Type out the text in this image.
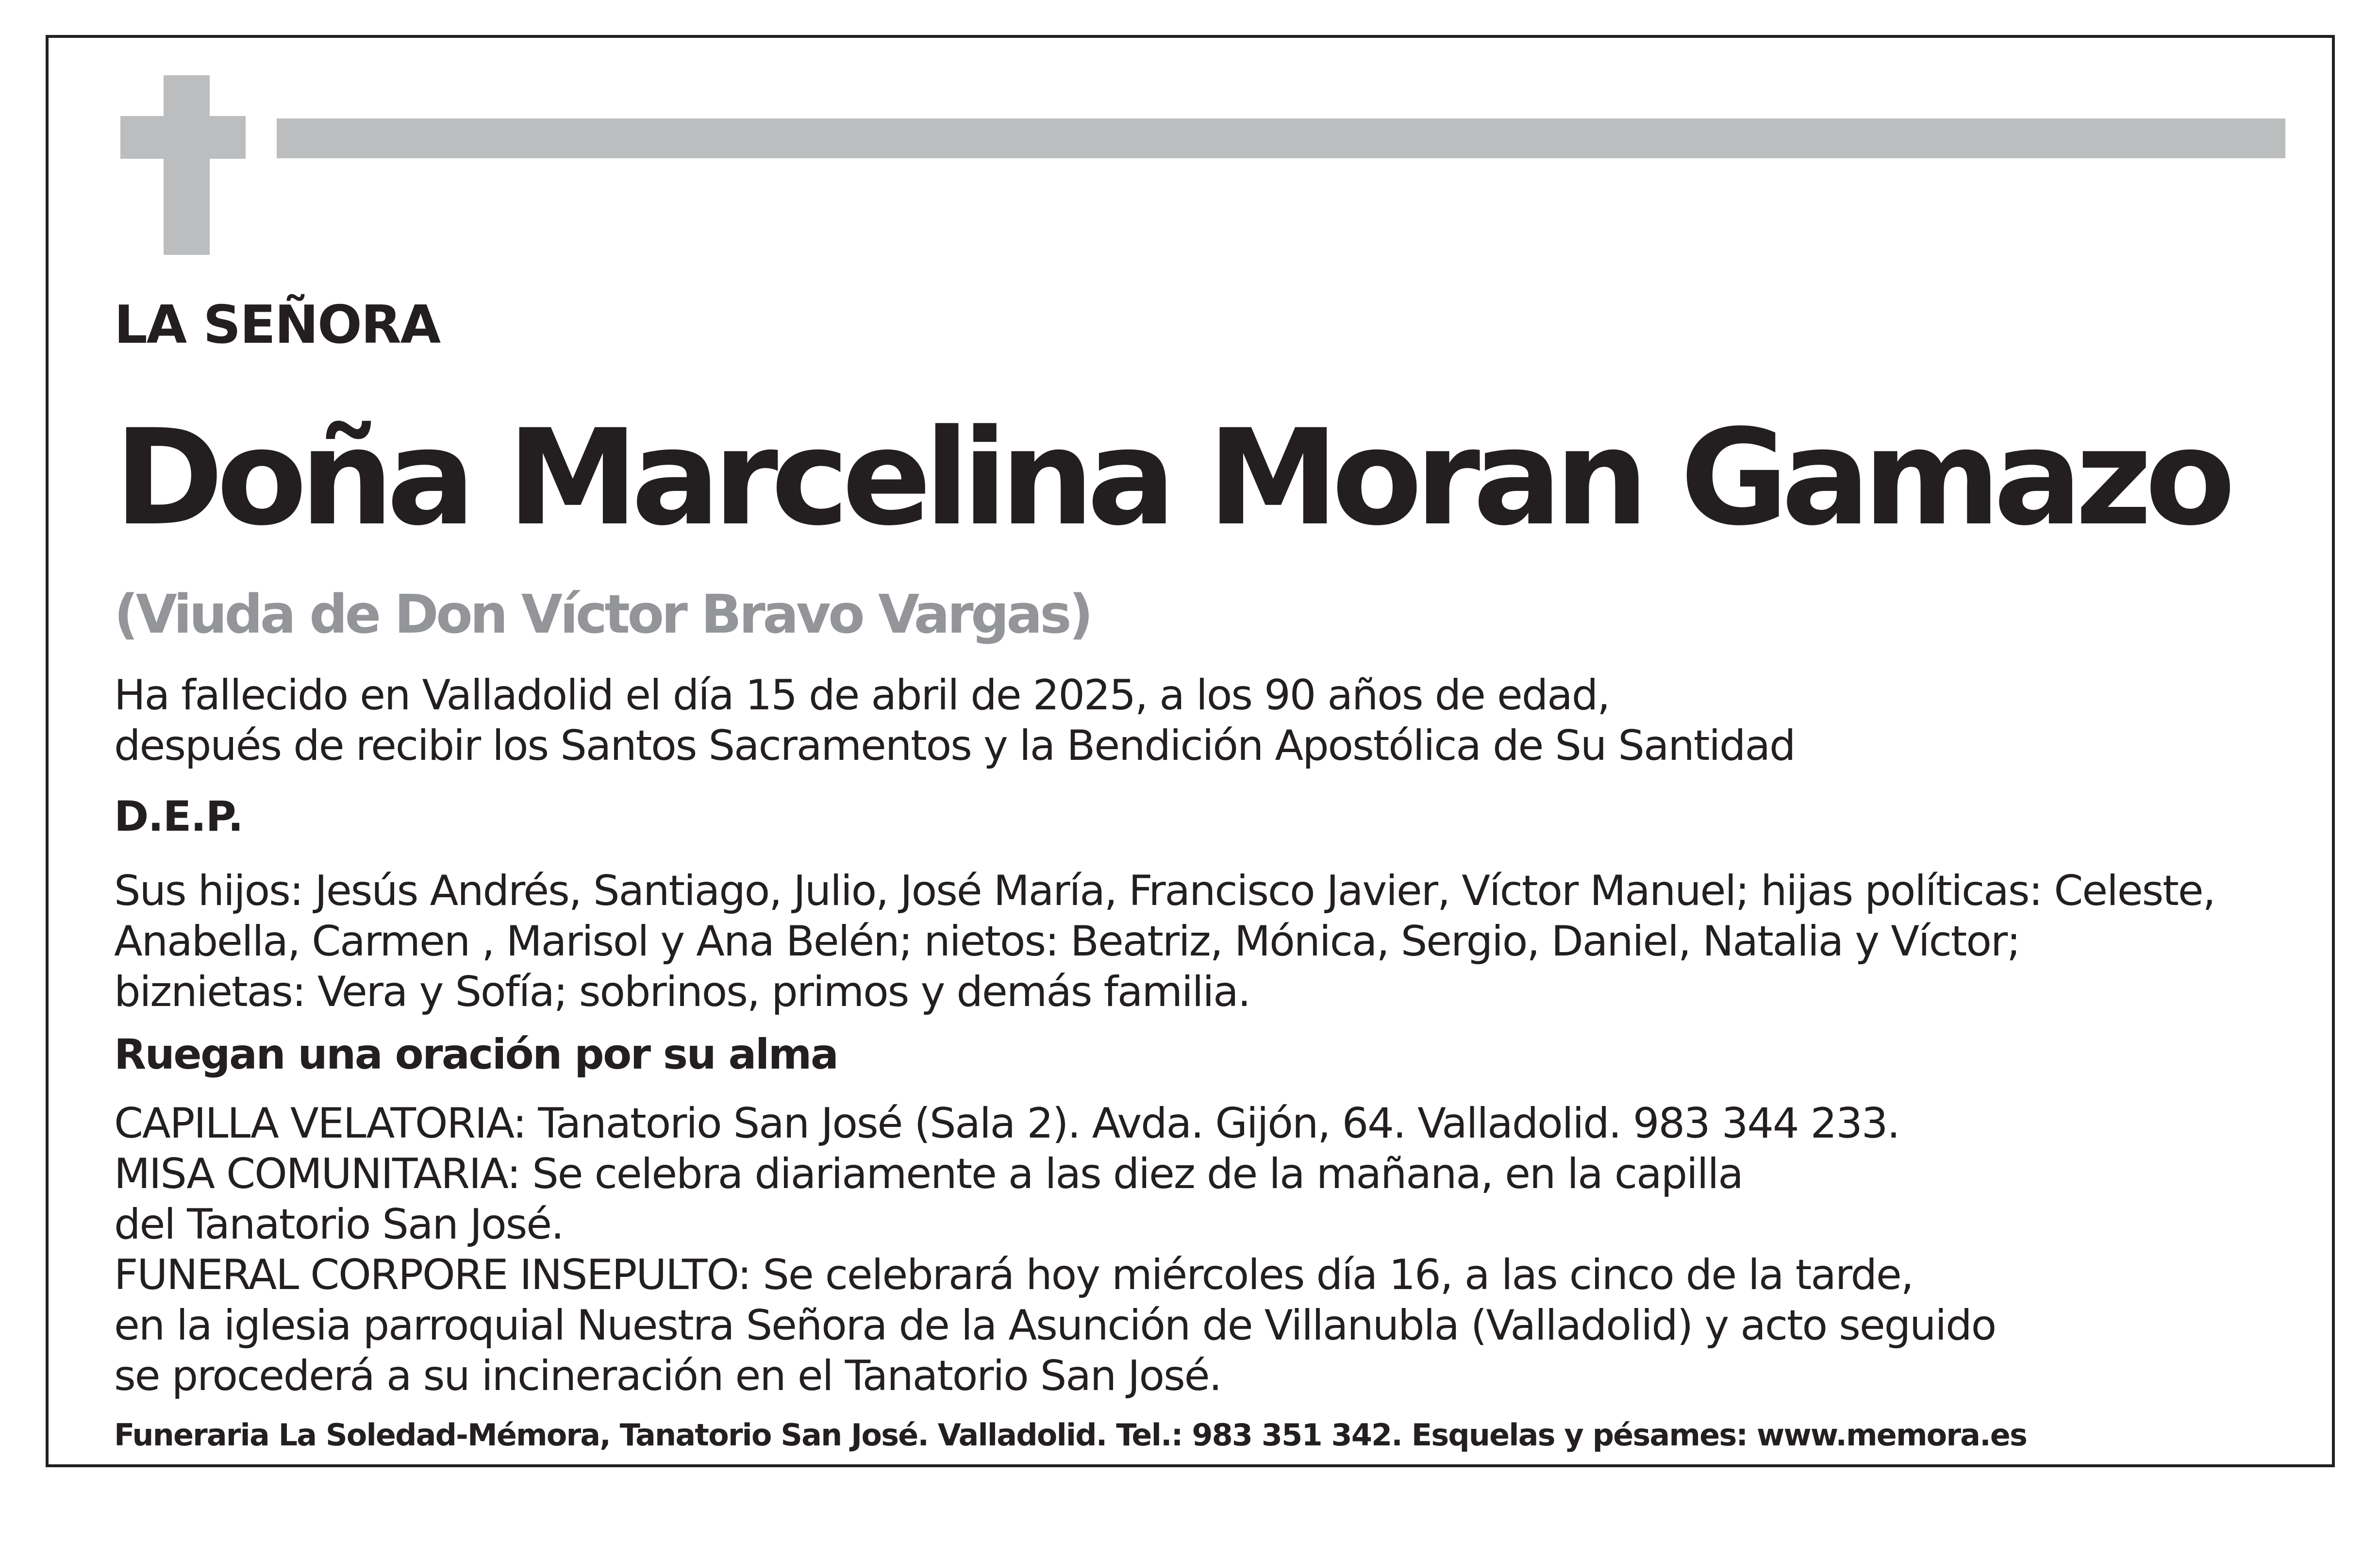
LA SEÑORA

Doña Marcelina Moran Gamazo

(Viuda de Don Víctor Bravo Vargas)

Ha fallecido en Valladolid el día 15 de abril de 2025, a los 90 años de edad,
después de recibir los Santos Sacramentos y la Bendición Apostólica de Su Santidad

D.E.P.

Sus hijos: Jesús Andrés, Santiago, Julio, José María, Francisco Javier, Víctor Manuel; hijas políticas: Celeste,
Anabella, Carmen , Marisol y Ana Belén; nietos: Beatriz, Mónica, Sergio, Daniel, Natalia y Víctor;
biznietas: Vera y Sofía; sobrinos, primos y demás familia.

Ruegan una oración por su alma

CAPILLA VELATORIA: Tanatorio San José (Sala 2). Avda. Gijón, 64. Valladolid. 983 344 233.
MISA COMUNITARIA: Se celebra diariamente a las diez de la mañana, en la capilla
del Tanatorio San José.
FUNERAL CORPORE INSEPULTO: Se celebrará hoy miércoles día 16, a las cinco de la tarde,
en la iglesia parroquial Nuestra Señora de la Asunción de Villanubla (Valladolid) y acto seguido
se procederá a su incineración en el Tanatorio San José.

Funeraria La Soledad-Mémora, Tanatorio San José. Valladolid. Tel.: 983 351 342. Esquelas y pésames: www.memora.es
